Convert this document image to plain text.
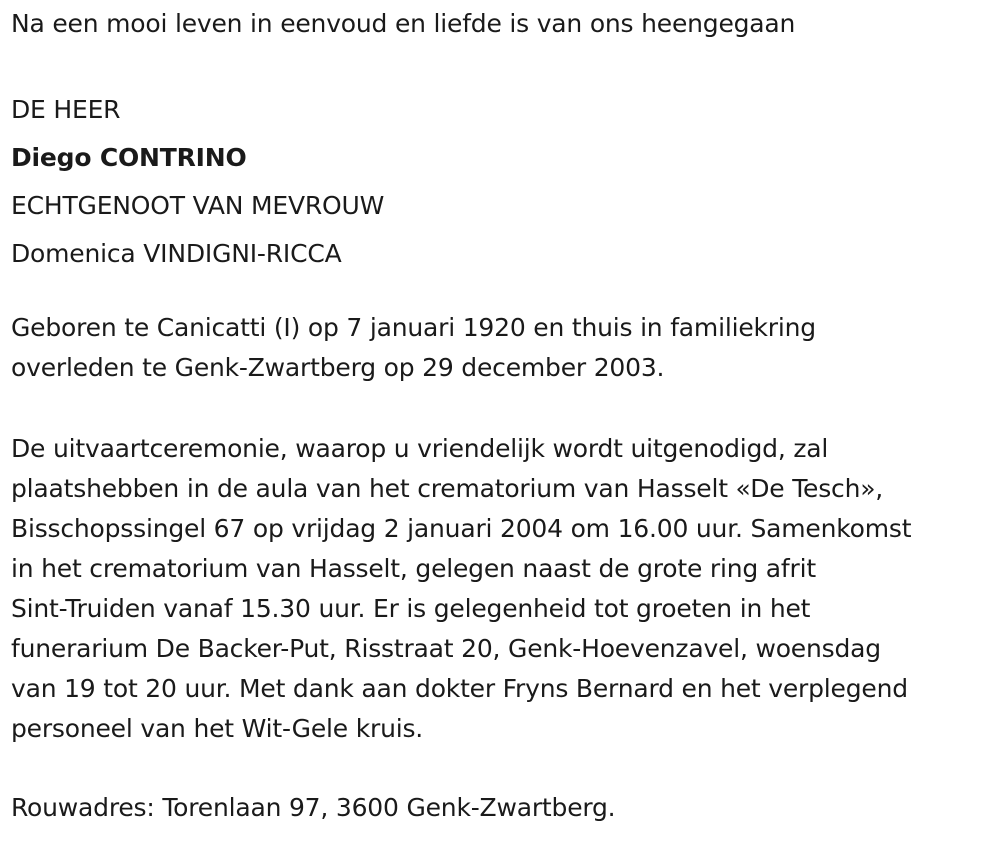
Na een mooi leven in eenvoud en liefde is van ons heengegaan
DE HEER
Diego CONTRINO
ECHTGENOOT VAN MEVROUW
Domenica VINDIGNI-RICCA
Geboren te Canicatti (I) op 7 januari 1920 en thuis in familiekring
overleden te Genk-Zwartberg op 29 december 2003.
De uitvaartceremonie, waarop u vriendelijk wordt uitgenodigd, zal
plaatshebben in de aula van het crematorium van Hasselt «De Tesch»,
Bisschopssingel 67 op vrijdag 2 januari 2004 om 16.00 uur. Samenkomst
in het crematorium van Hasselt, gelegen naast de grote ring afrit
Sint-Truiden vanaf 15.30 uur. Er is gelegenheid tot groeten in het
funerarium De Backer-Put, Risstraat 20, Genk-Hoevenzavel, woensdag
van 19 tot 20 uur. Met dank aan dokter Fryns Bernard en het verplegend
personeel van het Wit-Gele kruis.
Rouwadres: Torenlaan 97, 3600 Genk-Zwartberg.
